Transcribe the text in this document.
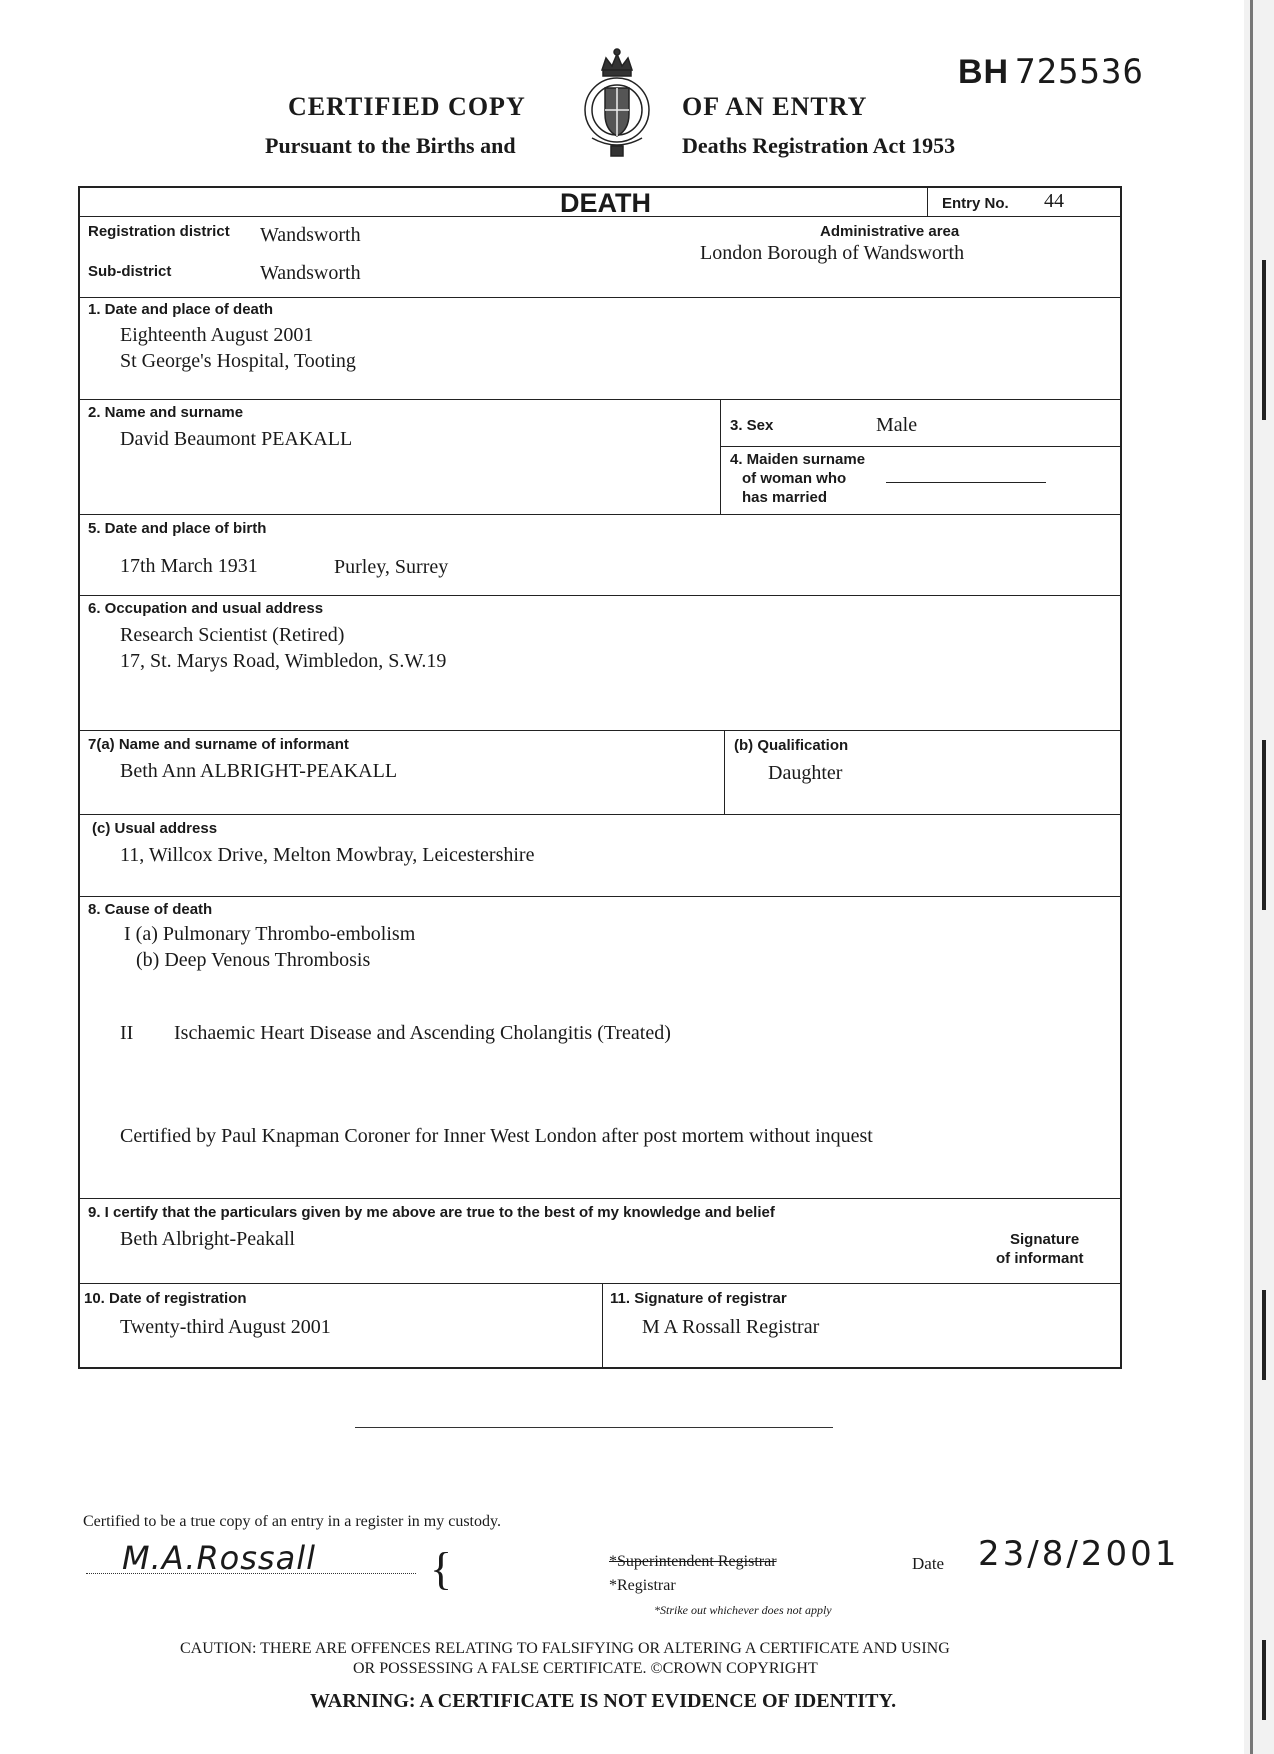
BH 725536
CERTIFIED COPY
Pursuant to the Births and
OF AN ENTRY
Deaths Registration Act 1953
DEATH	Entry No. 44
Registration district Wandsworth
Sub-district	Wandsworth
Administrative area
London Borough of Wandsworth
1. Date and place of death
Eighteenth August 2001
St George's Hospital, Tooting
2. Name and surname
David Beaumont PEAKALL
3. Sex	Male
4. Maiden surname
of woman who
has married
5. Date and place of birth
17th March 1931	Purley, Surrey
6. Occupation and usual address
Research Scientist (Retired)
17, St. Marys Road, Wimbledon, S.W.19
7(a) Name and surname of informant
Beth Ann ALBRIGHT-PEAKALL
(b) Qualification
Daughter
(c) Usual address
11, Willcox Drive, Melton Mowbray, Leicestershire
8. Cause of death
I (a) Pulmonary Thrombo-embolism
(b) Deep Venous Thrombosis
II Ischaemic Heart Disease and Ascending Cholangitis (Treated)
Certified by Paul Knapman Coroner for Inner West London after post mortem without inquest
9. I certify that the particulars given by me above are true to the best of my knowledge and belief
Beth Albright-Peakall	Signature
of informant
10. Date of registration
Twenty-third August 2001
11. Signature of registrar
M A Rossall Registrar
Certified to be a true copy of an entry in a register in my custody.
M.A.Rossall {	*Superintendent Registrar
*Registrar
*Strike out whichever does not apply
Date 23/8/2001
CAUTION: THERE ARE OFFENCES RELATING TO FALSIFYING OR ALTERING A CERTIFICATE AND USING
OR POSSESSING A FALSE CERTIFICATE. ©CROWN COPYRIGHT
WARNING: A CERTIFICATE IS NOT EVIDENCE OF IDENTITY.
